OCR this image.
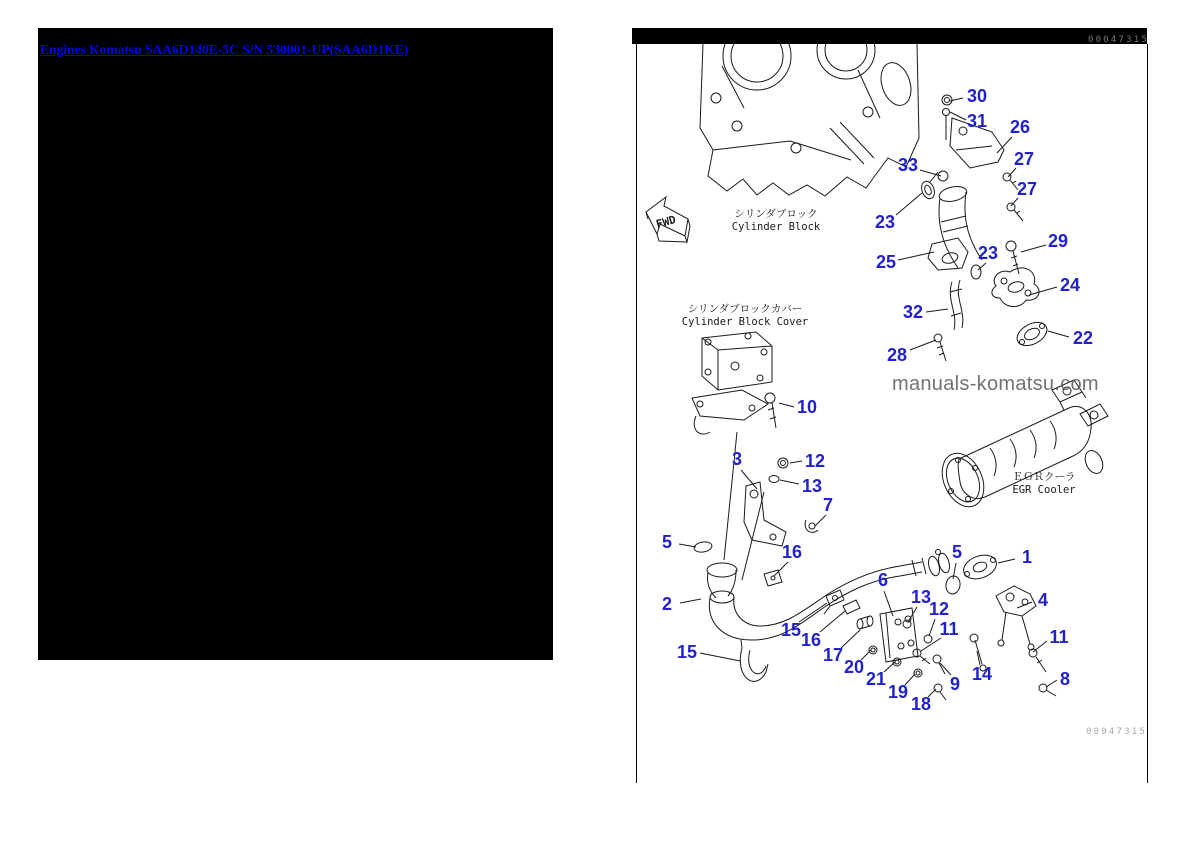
Engines Komatsu SAA6D140E-5C S/N 530001-UP(SAA6D1KE)
FWD
manuals-komatsu.com
00047315
00047315
シリンダブロック
Cylinder Block
シリンダブロックカバー
Cylinder Block Cover
ＥＧＲクーラ
EGR Cooler
30
31 26
27
27
33
23
29
25	23
24
32
28
22
10
3	12
13
7
5	16
6
5	1
13	4
12
11	11
2
15
15 16
17
20
21
19
18
14
9	8
